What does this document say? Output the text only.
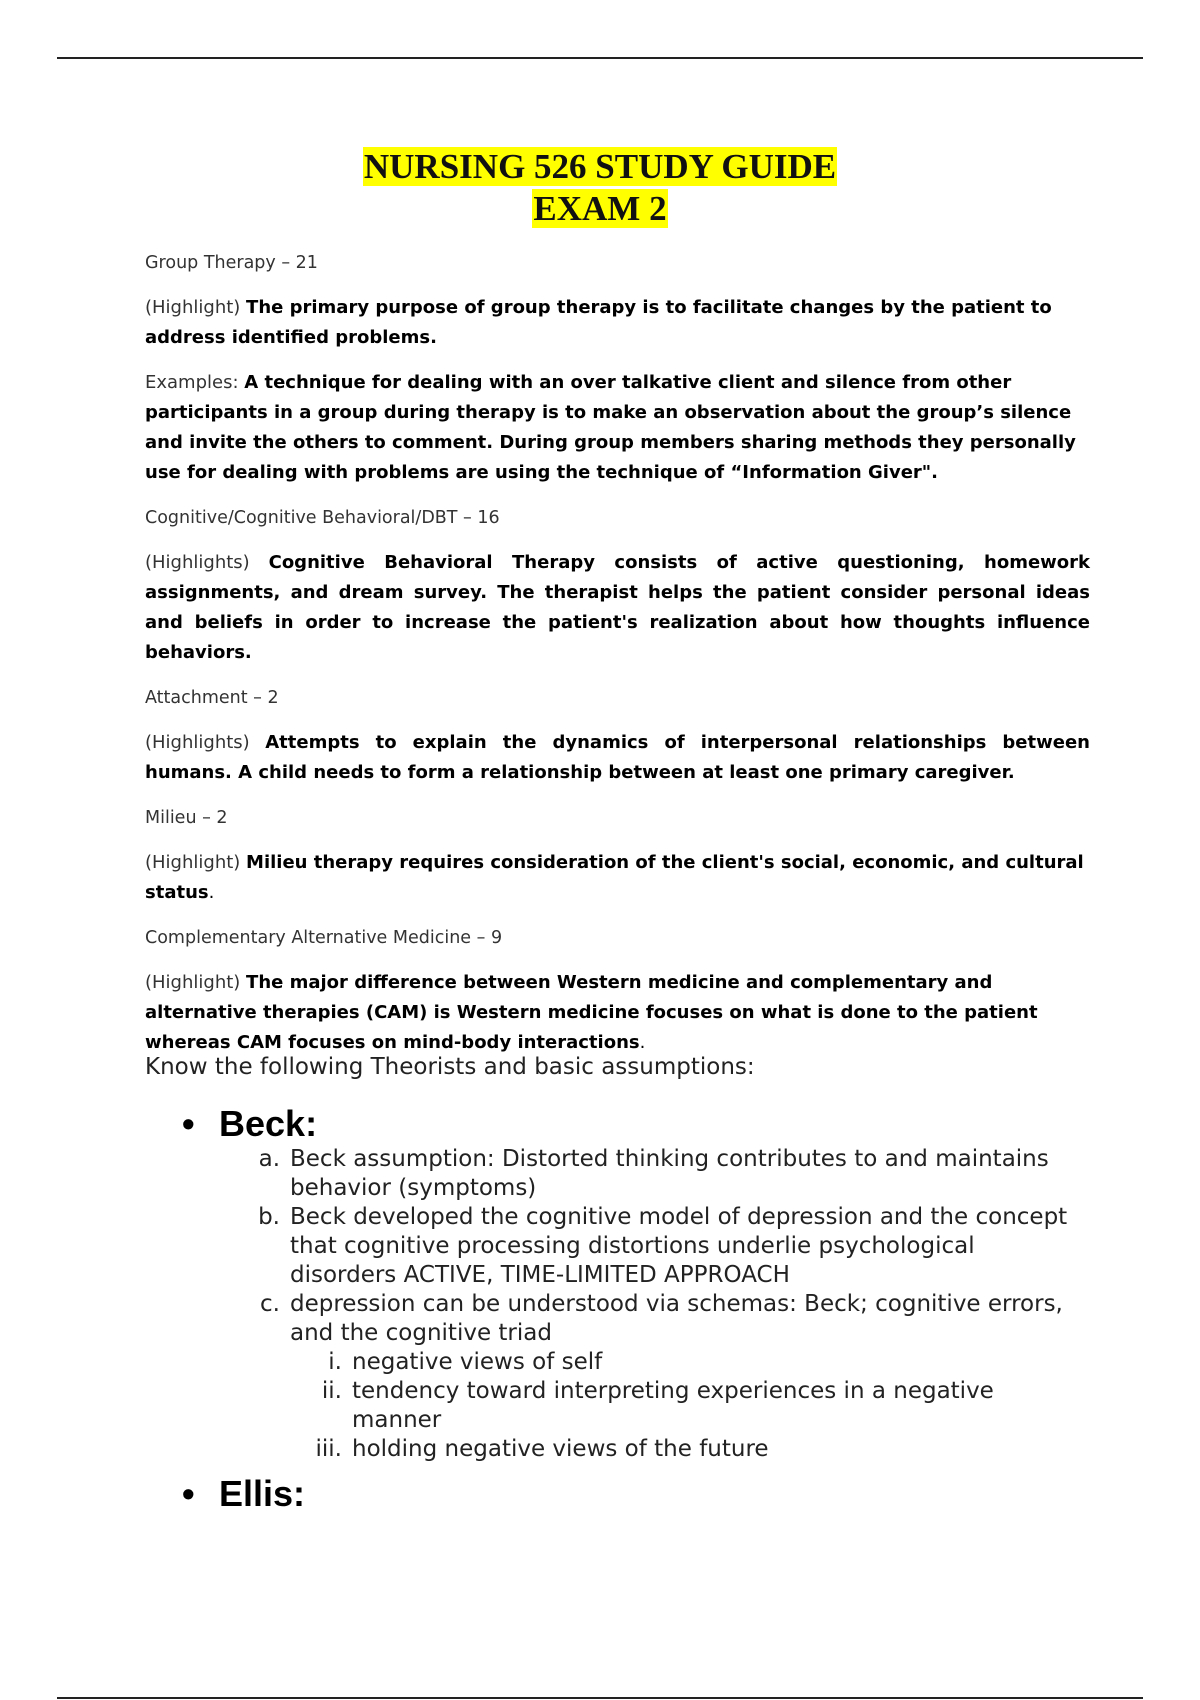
NURSING 526 STUDY GUIDE
EXAM 2

Group Therapy – 21

(Highlight) The primary purpose of group therapy is to facilitate changes by the patient to address identified problems.

Examples: A technique for dealing with an over talkative client and silence from other participants in a group during therapy is to make an observation about the group’s silence and invite the others to comment. During group members sharing methods they personally use for dealing with problems are using the technique of “Information Giver".

Cognitive/Cognitive Behavioral/DBT – 16

(Highlights) Cognitive Behavioral Therapy consists of active questioning, homework assignments, and dream survey. The therapist helps the patient consider personal ideas and beliefs in order to increase the patient's realization about how thoughts influence behaviors.

Attachment – 2

(Highlights) Attempts to explain the dynamics of interpersonal relationships between humans. A child needs to form a relationship between at least one primary caregiver.

Milieu – 2

(Highlight) Milieu therapy requires consideration of the client's social, economic, and cultural status.

Complementary Alternative Medicine – 9

(Highlight) The major difference between Western medicine and complementary and alternative therapies (CAM) is Western medicine focuses on what is done to the patient whereas CAM focuses on mind-body interactions.

Know the following Theorists and basic assumptions:
• Beck:
a. Beck assumption: Distorted thinking contributes to and maintains behavior (symptoms)
b. Beck developed the cognitive model of depression and the concept that cognitive processing distortions underlie psychological disorders ACTIVE, TIME-LIMITED APPROACH
c. depression can be understood via schemas: Beck; cognitive errors, and the cognitive triad
i. negative views of self
ii. tendency toward interpreting experiences in a negative manner
iii. holding negative views of the future
• Ellis:
